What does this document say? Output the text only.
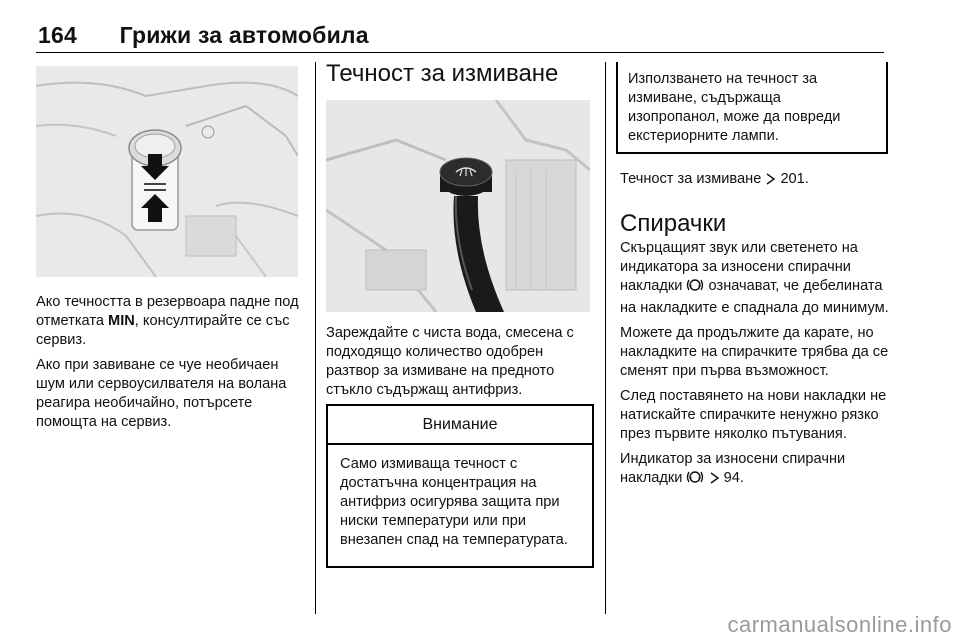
164 Грижи за автомобила

Ако течността в резервоара падне под отметката MIN, консултирайте се със сервиз.

Ако при завиване се чуе необичаен шум или сервоусилвателя на волана реагира необичайно, потърсете помощта на сервиз.

Течност за измиване

Зареждайте с чиста вода, смесена с подходящо количество одобрен разтвор за измиване на предното стъкло съдържащ антифриз.

Внимание
Само измиваща течност с достатъчна концентрация на антифриз осигурява защита при ниски температури или при внезапен спад на температурата.
Използването на течност за измиване, съдържаща изопропанол, може да повреди екстериорните лампи.

Течност за измиване 201.

Спирачки

Скърцащият звук или светенето на индикатора за износени спирачни накладки означават, че дебелината на накладките е спаднала до минимум.

Можете да продължите да карате, но накладките на спирачките трябва да се сменят при първа възможност.

След поставянето на нови накладки не натискайте спирачките ненужно рязко през първите няколко пътувания.

Индикатор за износени спирачни накладки	94.

carmanualsonline.info
